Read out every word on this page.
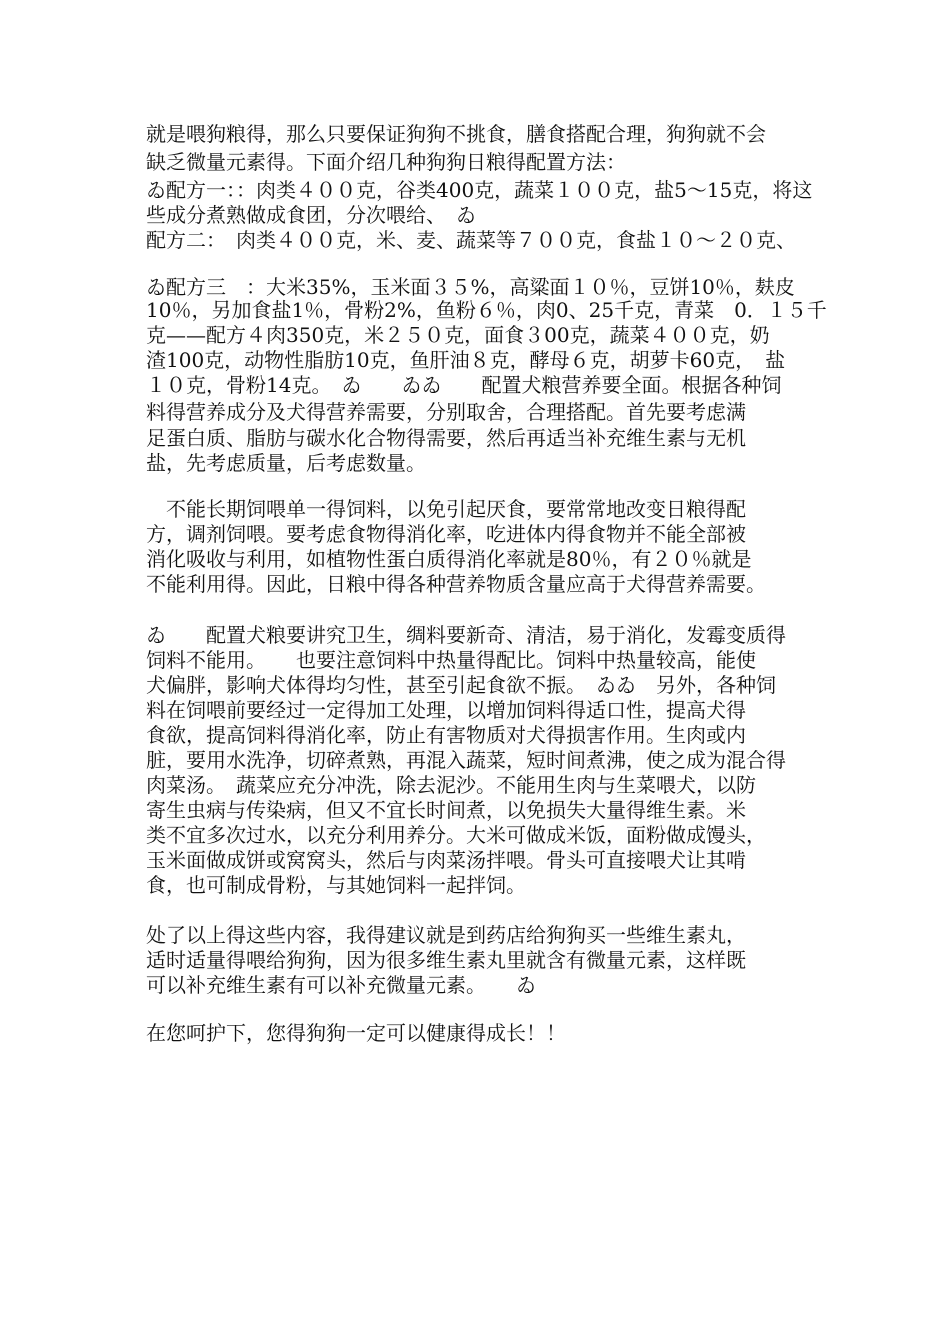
就是喂狗粮得，那么只要保证狗狗不挑食，膳食搭配合理，狗狗就不会
缺乏微量元素得。下面介绍几种狗狗日粮得配置方法：
ゐ配方一：：肉类４００克，谷类400克，蔬菜１００克，盐5～15克，将这
些成分煮熟做成食团，分次喂给、　ゐ
配方二：　肉类４００克，米、麦、蔬菜等７００克，食盐１０～２０克、
ゐ配方三　：大米35%，玉米面３５%，高粱面１０％，豆饼10％，麸皮
10％，另加食盐1％，骨粉2%，鱼粉６％，肉0、25千克，青菜　0．１５千
克——配方４肉350克，米２５０克，面食３00克，蔬菜４００克，奶
渣100克，动物性脂肪10克，鱼肝油８克，酵母６克，胡萝卡60克，　盐
１０克，骨粉14克。　ゐ　　ゐゐ　　配置犬粮营养要全面。根据各种饲
料得营养成分及犬得营养需要，分别取舍，合理搭配。首先要考虑满
足蛋白质、脂肪与碳水化合物得需要，然后再适当补充维生素与无机
盐，先考虑质量，后考虑数量。
　不能长期饲喂单一得饲料，以免引起厌食，要常常地改变日粮得配
方，调剂饲喂。要考虑食物得消化率，吃进体内得食物并不能全部被
消化吸收与利用，如植物性蛋白质得消化率就是80％，有２０％就是
不能利用得。因此，日粮中得各种营养物质含量应高于犬得营养需要。
ゐ　　配置犬粮要讲究卫生，绸料要新奇、清洁，易于消化，发霉变质得
饲料不能用。　　也要注意饲料中热量得配比。饲料中热量较高，能使
犬偏胖，影响犬体得均匀性，甚至引起食欲不振。　ゐゐ　另外，各种饲
料在饲喂前要经过一定得加工处理，以增加饲料得适口性，提高犬得
食欲，提高饲料得消化率，防止有害物质对犬得损害作用。生肉或内
脏，要用水洗净，切碎煮熟，再混入蔬菜，短时间煮沸，使之成为混合得
肉菜汤。　蔬菜应充分冲洗，除去泥沙。不能用生肉与生菜喂犬，以防
寄生虫病与传染病，但又不宜长时间煮，以免损失大量得维生素。米
类不宜多次过水，以充分利用养分。大米可做成米饭，面粉做成馒头，
玉米面做成饼或窝窝头，然后与肉菜汤拌喂。骨头可直接喂犬让其啃
食，也可制成骨粉，与其她饲料一起拌饲。
处了以上得这些内容，我得建议就是到药店给狗狗买一些维生素丸，
适时适量得喂给狗狗，因为很多维生素丸里就含有微量元素，这样既
可以补充维生素有可以补充微量元素。　　ゐ
在您呵护下，您得狗狗一定可以健康得成长！！
